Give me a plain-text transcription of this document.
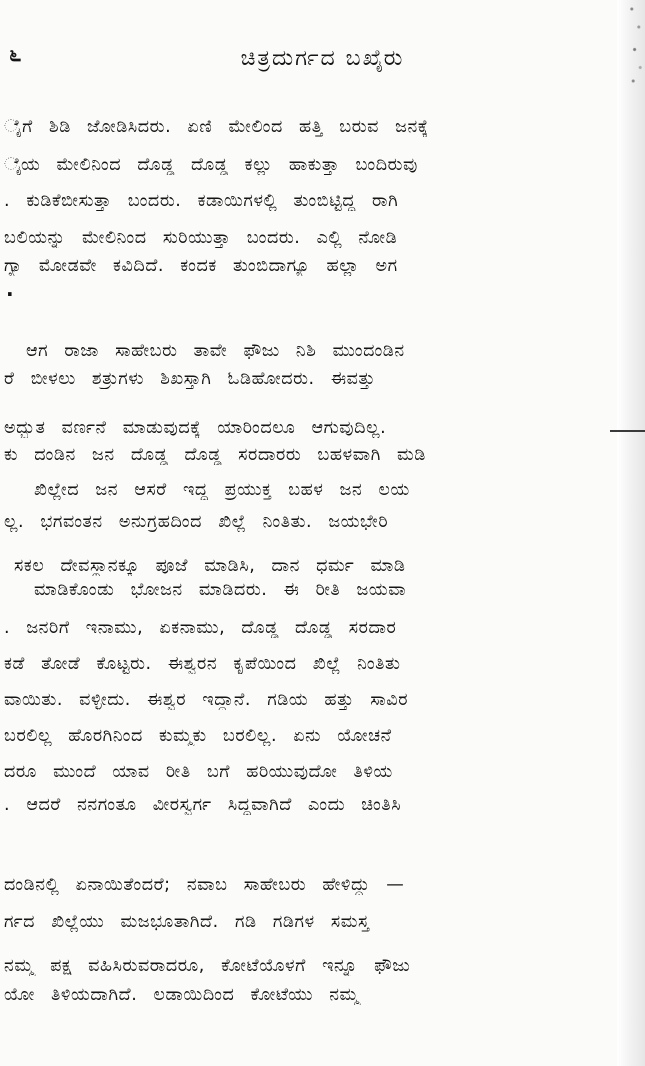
೬	ಚಿತ್ರದುರ್ಗದ ಬಖೈರು
ೈಗೆ ಶಿಡಿ ಜೋಡಿಸಿದರು. ಏಣಿ ಮೇಲಿಂದ ಹತ್ತಿ ಬರುವ ಜನಕ್ಕೆ
ೈಯ ಮೇಲಿನಿಂದ ದೊಡ್ಡ ದೊಡ್ಡ ಕಲ್ಲು ಹಾಕುತ್ತಾ ಬಂದಿರುವು
. ಕುಡಿಕೆಬೀಸುತ್ತಾ ಬಂದರು. ಕಡಾಯಿಗಳಲ್ಲಿ ತುಂಬಿಟ್ಟಿದ್ದ ರಾಗಿ
ಬಲಿಯನ್ನು ಮೇಲಿನಿಂದ ಸುರಿಯುತ್ತಾ ಬಂದರು. ಎಲ್ಲಿ ನೋಡಿ
ಗ್ಯಾ ಮೋಡವೇ ಕವಿದಿದೆ. ಕಂದಕ ತುಂಬಿದಾಗ್ಯೂ ಹಲ್ಲಾ ಅಗ
·
ಆಗ ರಾಜಾ ಸಾಹೇಬರು ತಾವೇ ಫೌಜು ನಿಶಿ ಮುಂದಂಡಿನ
ರೆ ಬೀಳಲು ಶತ್ರುಗಳು ಶಿಖಸ್ತಾಗಿ ಓಡಿಹೋದರು. ಈವತ್ತು
ಅದ್ಭುತ ವರ್ಣನೆ ಮಾಡುವುದಕ್ಕೆ ಯಾರಿಂದಲೂ ಆಗುವುದಿಲ್ಲ.
ಕು ದಂಡಿನ ಜನ ದೊಡ್ಡ ದೊಡ್ಡ ಸರದಾರರು ಬಹಳವಾಗಿ ಮಡಿ
ಖಿಲ್ಲೇದ ಜನ ಆಸರೆ ಇದ್ದ ಪ್ರಯುಕ್ತ ಬಹಳ ಜನ ಲಯ
ಲ್ಲ. ಭಗವಂತನ ಅನುಗ್ರಹದಿಂದ ಖಿಲ್ಲೆ ನಿಂತಿತು. ಜಯಭೇರಿ
ಸಕಲ ದೇವಸ್ಥಾನಕ್ಕೂ ಪೂಜೆ ಮಾಡಿಸಿ, ದಾನ ಧರ್ಮ ಮಾಡಿ
ಮಾಡಿಕೊಂಡು ಭೋಜನ ಮಾಡಿದರು. ಈ ರೀತಿ ಜಯವಾ
. ಜನರಿಗೆ ಇನಾಮು, ಏಕನಾಮು, ದೊಡ್ಡ ದೊಡ್ಡ ಸರದಾರ
ಕಡೆ ತೋಡೆ ಕೊಟ್ಟರು. ಈಶ್ವರನ ಕೃಪೆಯಿಂದ ಖಿಲ್ಲೆ ನಿಂತಿತು
ವಾಯಿತು. ವಳ್ಳೀದು. ಈಶ್ವರ ಇದ್ದಾನೆ. ಗಡಿಯ ಹತ್ತು ಸಾವಿರ
ಬರಲಿಲ್ಲ ಹೊರಗಿನಿಂದ ಕುಮ್ಮಕು ಬರಲಿಲ್ಲ. ಏನು ಯೋಚನೆ
ದರೂ ಮುಂದೆ ಯಾವ ರೀತಿ ಬಗೆ ಹರಿಯುವುದೋ ತಿಳಿಯ
. ಆದರೆ ನನಗಂತೂ ವೀರಸ್ವರ್ಗ ಸಿದ್ಧವಾಗಿದೆ ಎಂದು ಚಿಂತಿಸಿ
ದಂಡಿನಲ್ಲಿ ಏನಾಯಿತೆಂದರೆ; ನವಾಬ ಸಾಹೇಬರು ಹೇಳಿದ್ದು —
ರ್ಗದ ಖಿಲ್ಲೆಯು ಮಜಭೂತಾಗಿದೆ. ಗಡಿ ಗಡಿಗಳ ಸಮಸ್ತ
ನಮ್ಮ ಪಕ್ಷ ವಹಿಸಿರುವರಾದರೂ, ಕೋಟೆಯೊಳಗೆ ಇನ್ನೂ ಫೌಜು
ಯೋ ತಿಳಿಯದಾಗಿದೆ. ಲಡಾಯಿದಿಂದ ಕೋಟೆಯು ನಮ್ಮ
